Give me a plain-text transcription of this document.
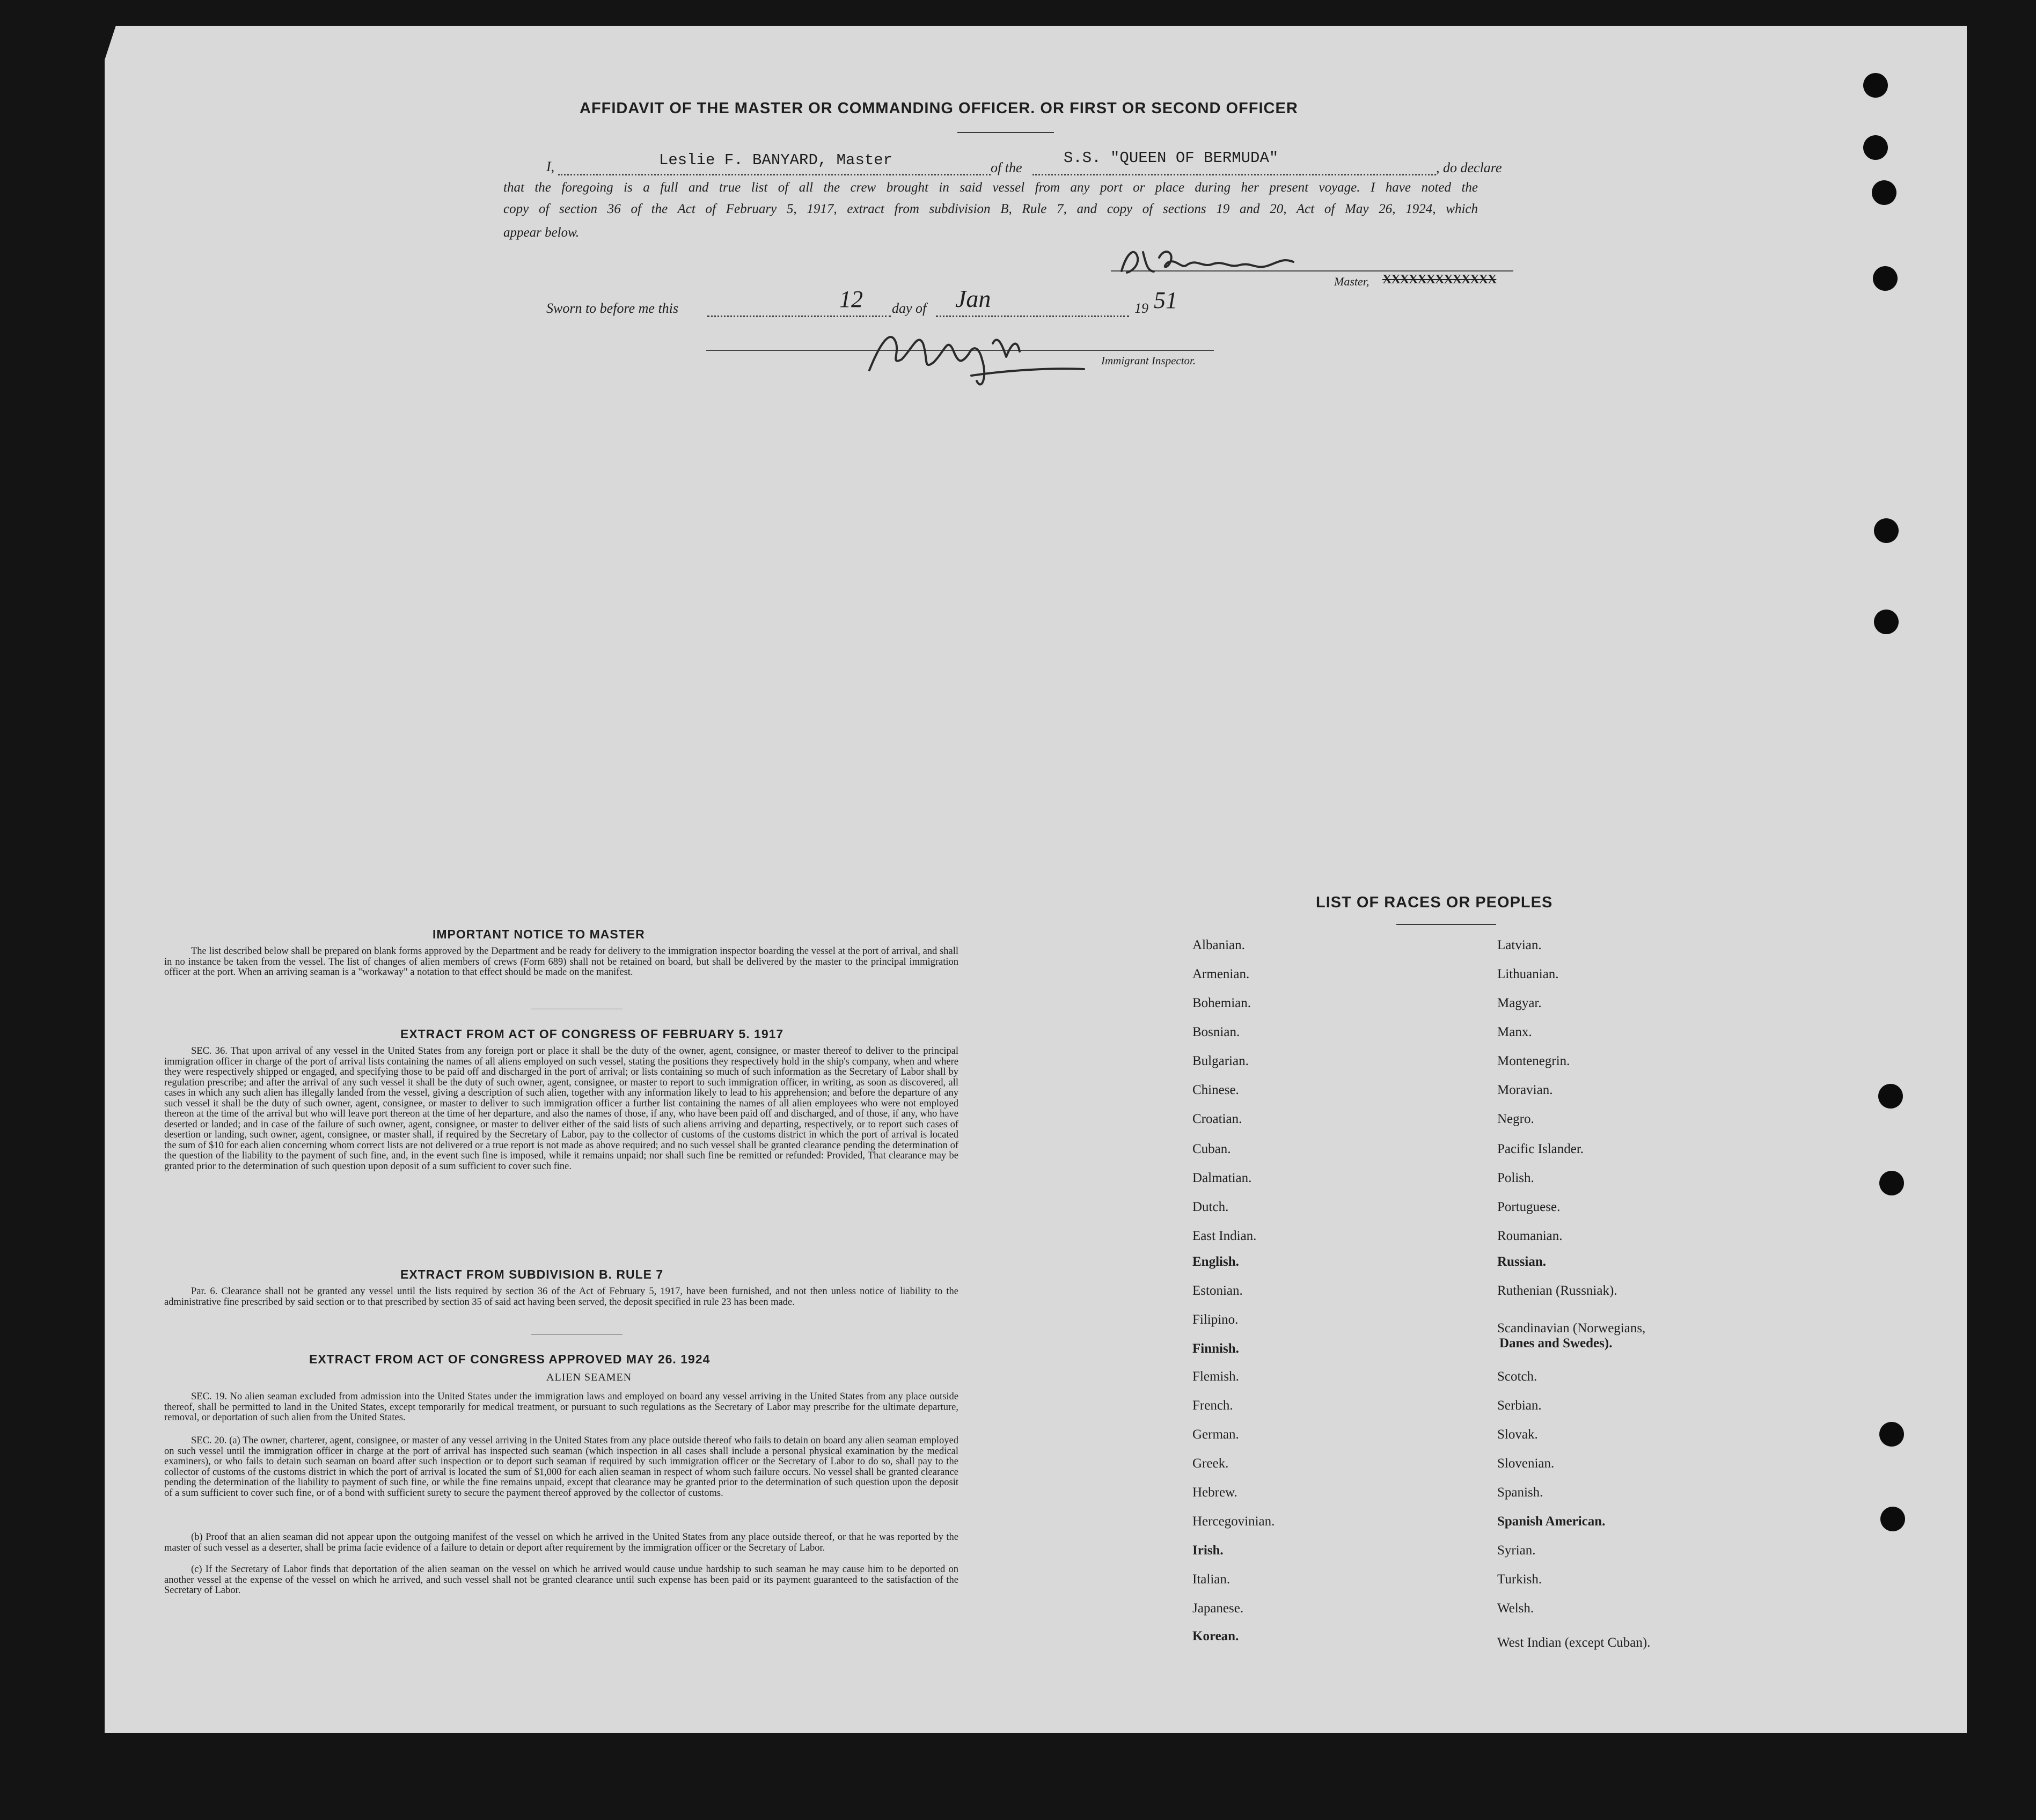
AFFIDAVIT OF THE MASTER OR COMMANDING OFFICER. OR FIRST OR SECOND OFFICER
I,	Leslie F. BANYARD, Master	of the
S.S. "QUEEN OF BERMUDA"
, do declare
that the foregoing is a full and true list of all the crew brought in said vessel from any port or place during her present voyage. I have noted the
copy of section 36 of the Act of February 5, 1917, extract from subdivision B, Rule 7, and copy of sections 19 and 20, Act of May 26, 1924, which
appear below.
Master, XXXXXXXXXXXXX
Sworn to before me this	12 day of Jan	19 51
Immigrant Inspector.
IMPORTANT NOTICE TO MASTER
The list described below shall be prepared on blank forms approved by the Department and be ready for delivery to the immigration inspector boarding the vessel at the port of arrival, and shall in no instance be taken from the vessel. The list of changes of alien members of crews (Form 689) shall not be retained on board, but shall be delivered by the master to the principal immigration officer at the port. When an arriving seaman is a "workaway" a notation to that effect should be made on the manifest.
EXTRACT FROM ACT OF CONGRESS OF FEBRUARY 5. 1917
SEC. 36. That upon arrival of any vessel in the United States from any foreign port or place it shall be the duty of the owner, agent, consignee, or master thereof to deliver to the principal immigration officer in charge of the port of arrival lists containing the names of all aliens employed on such vessel, stating the positions they respectively hold in the ship's company, when and where they were respectively shipped or engaged, and specifying those to be paid off and discharged in the port of arrival; or lists containing so much of such information as the Secretary of Labor shall by regulation prescribe; and after the arrival of any such vessel it shall be the duty of such owner, agent, consignee, or master to report to such immigration officer, in writing, as soon as discovered, all cases in which any such alien has illegally landed from the vessel, giving a description of such alien, together with any information likely to lead to his apprehension; and before the departure of any such vessel it shall be the duty of such owner, agent, consignee, or master to deliver to such immigration officer a further list containing the names of all alien employees who were not employed thereon at the time of the arrival but who will leave port thereon at the time of her departure, and also the names of those, if any, who have been paid off and discharged, and of those, if any, who have deserted or landed; and in case of the failure of such owner, agent, consignee, or master to deliver either of the said lists of such aliens arriving and departing, respectively, or to report such cases of desertion or landing, such owner, agent, consignee, or master shall, if required by the Secretary of Labor, pay to the collector of customs of the customs district in which the port of arrival is located the sum of $10 for each alien concerning whom correct lists are not delivered or a true report is not made as above required; and no such vessel shall be granted clearance pending the determination of the question of the liability to the payment of such fine, and, in the event such fine is imposed, while it remains unpaid; nor shall such fine be remitted or refunded: Provided, That clearance may be granted prior to the determination of such question upon deposit of a sum sufficient to cover such fine.
EXTRACT FROM SUBDIVISION B. RULE 7
Par. 6. Clearance shall not be granted any vessel until the lists required by section 36 of the Act of February 5, 1917, have been furnished, and not then unless notice of liability to the administrative fine prescribed by said section or to that prescribed by section 35 of said act having been served, the deposit specified in rule 23 has been made.
EXTRACT FROM ACT OF CONGRESS APPROVED MAY 26. 1924
ALIEN SEAMEN
SEC. 19. No alien seaman excluded from admission into the United States under the immigration laws and employed on board any vessel arriving in the United States from any place outside thereof, shall be permitted to land in the United States, except temporarily for medical treatment, or pursuant to such regulations as the Secretary of Labor may prescribe for the ultimate departure, removal, or deportation of such alien from the United States.
SEC. 20. (a) The owner, charterer, agent, consignee, or master of any vessel arriving in the United States from any place outside thereof who fails to detain on board any alien seaman employed on such vessel until the immigration officer in charge at the port of arrival has inspected such seaman (which inspection in all cases shall include a personal physical examination by the medical examiners), or who fails to detain such seaman on board after such inspection or to deport such seaman if required by such immigration officer or the Secretary of Labor to do so, shall pay to the collector of customs of the customs district in which the port of arrival is located the sum of $1,000 for each alien seaman in respect of whom such failure occurs. No vessel shall be granted clearance pending the determination of the liability to payment of such fine, or while the fine remains unpaid, except that clearance may be granted prior to the determination of such question upon the deposit of a sum sufficient to cover such fine, or of a bond with sufficient surety to secure the payment thereof approved by the collector of customs.
(b) Proof that an alien seaman did not appear upon the outgoing manifest of the vessel on which he arrived in the United States from any place outside thereof, or that he was reported by the master of such vessel as a deserter, shall be prima facie evidence of a failure to detain or deport after requirement by the immigration officer or the Secretary of Labor.
(c) If the Secretary of Labor finds that deportation of the alien seaman on the vessel on which he arrived would cause undue hardship to such seaman he may cause him to be deported on another vessel at the expense of the vessel on which he arrived, and such vessel shall not be granted clearance until such expense has been paid or its payment guaranteed to the satisfaction of the Secretary of Labor.
LIST OF RACES OR PEOPLES
Albanian.
Armenian.
Bohemian.
Bosnian.
Bulgarian.
Chinese.
Croatian.
Cuban.
Dalmatian.
Dutch.
East Indian.
English.
Estonian.
Filipino.
Finnish.
Flemish.
French.
German.
Greek.
Hebrew.
Hercegovinian.
Irish.
Italian.
Japanese.
Korean.
Latvian.
Lithuanian.
Magyar.
Manx.
Montenegrin.
Moravian.
Negro.
Pacific Islander.
Polish.
Portuguese.
Roumanian.
Russian.
Ruthenian (Russniak).
Scandinavian (Norwegians,
Danes and Swedes).
Scotch.
Serbian.
Slovak.
Slovenian.
Spanish.
Spanish American.
Syrian.
Turkish.
Welsh.
West Indian (except Cuban).
